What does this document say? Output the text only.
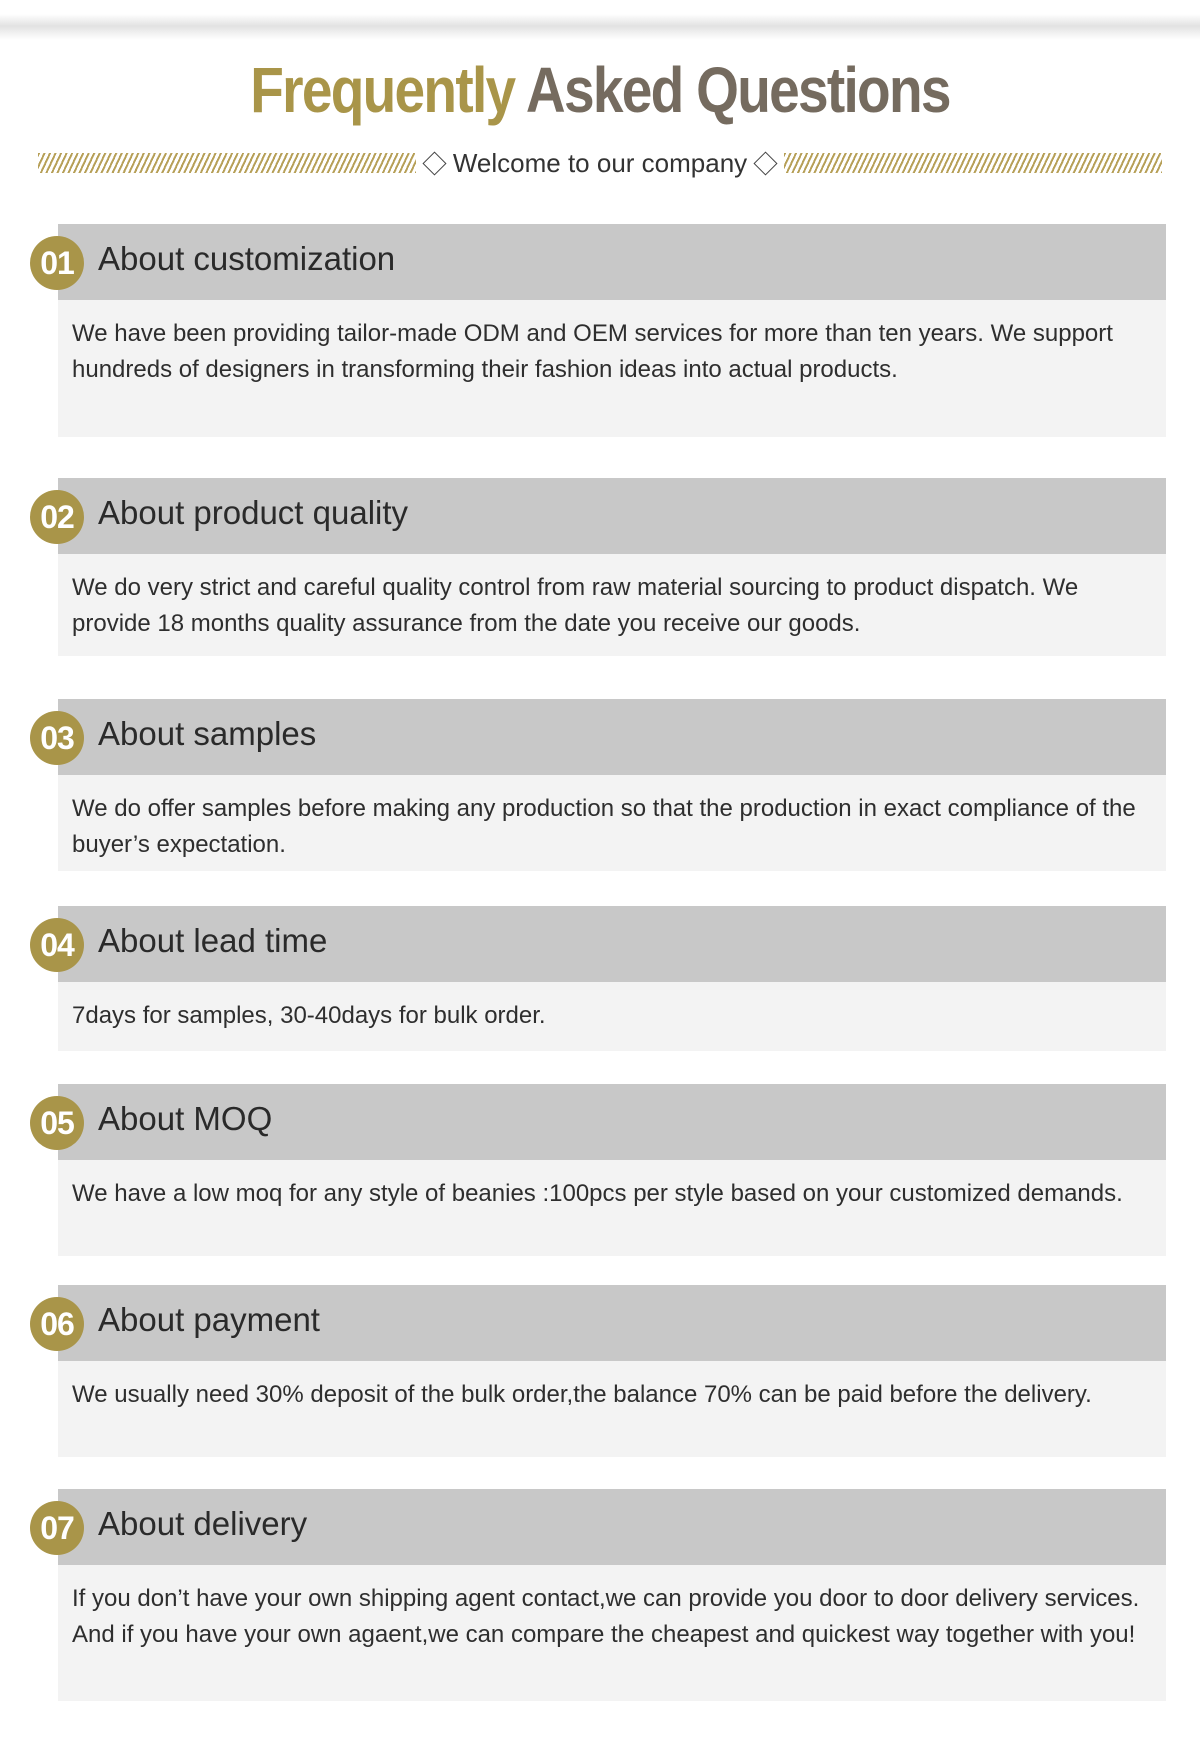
Frequently Asked Questions
Welcome to our company
01 About customization
We have been providing tailor-made ODM and OEM services for more than ten years. We support hundreds of designers in transforming their fashion ideas into actual products.
02 About product quality
We do very strict and careful quality control from raw material sourcing to product dispatch. We provide 18 months quality assurance from the date you receive our goods.
03 About samples
We do offer samples before making any production so that the production in exact compliance of the buyer’s expectation.
04 About lead time
7days for samples, 30-40days for bulk order.
05 About MOQ
We have a low moq for any style of beanies :100pcs per style based on your customized demands.
06 About payment
We usually need 30% deposit of the bulk order,the balance 70% can be paid before the delivery.
07 About delivery
If you don’t have your own shipping agent contact,we can provide you door to door delivery services. And if you have your own agaent,we can compare the cheapest and quickest way together with you!
